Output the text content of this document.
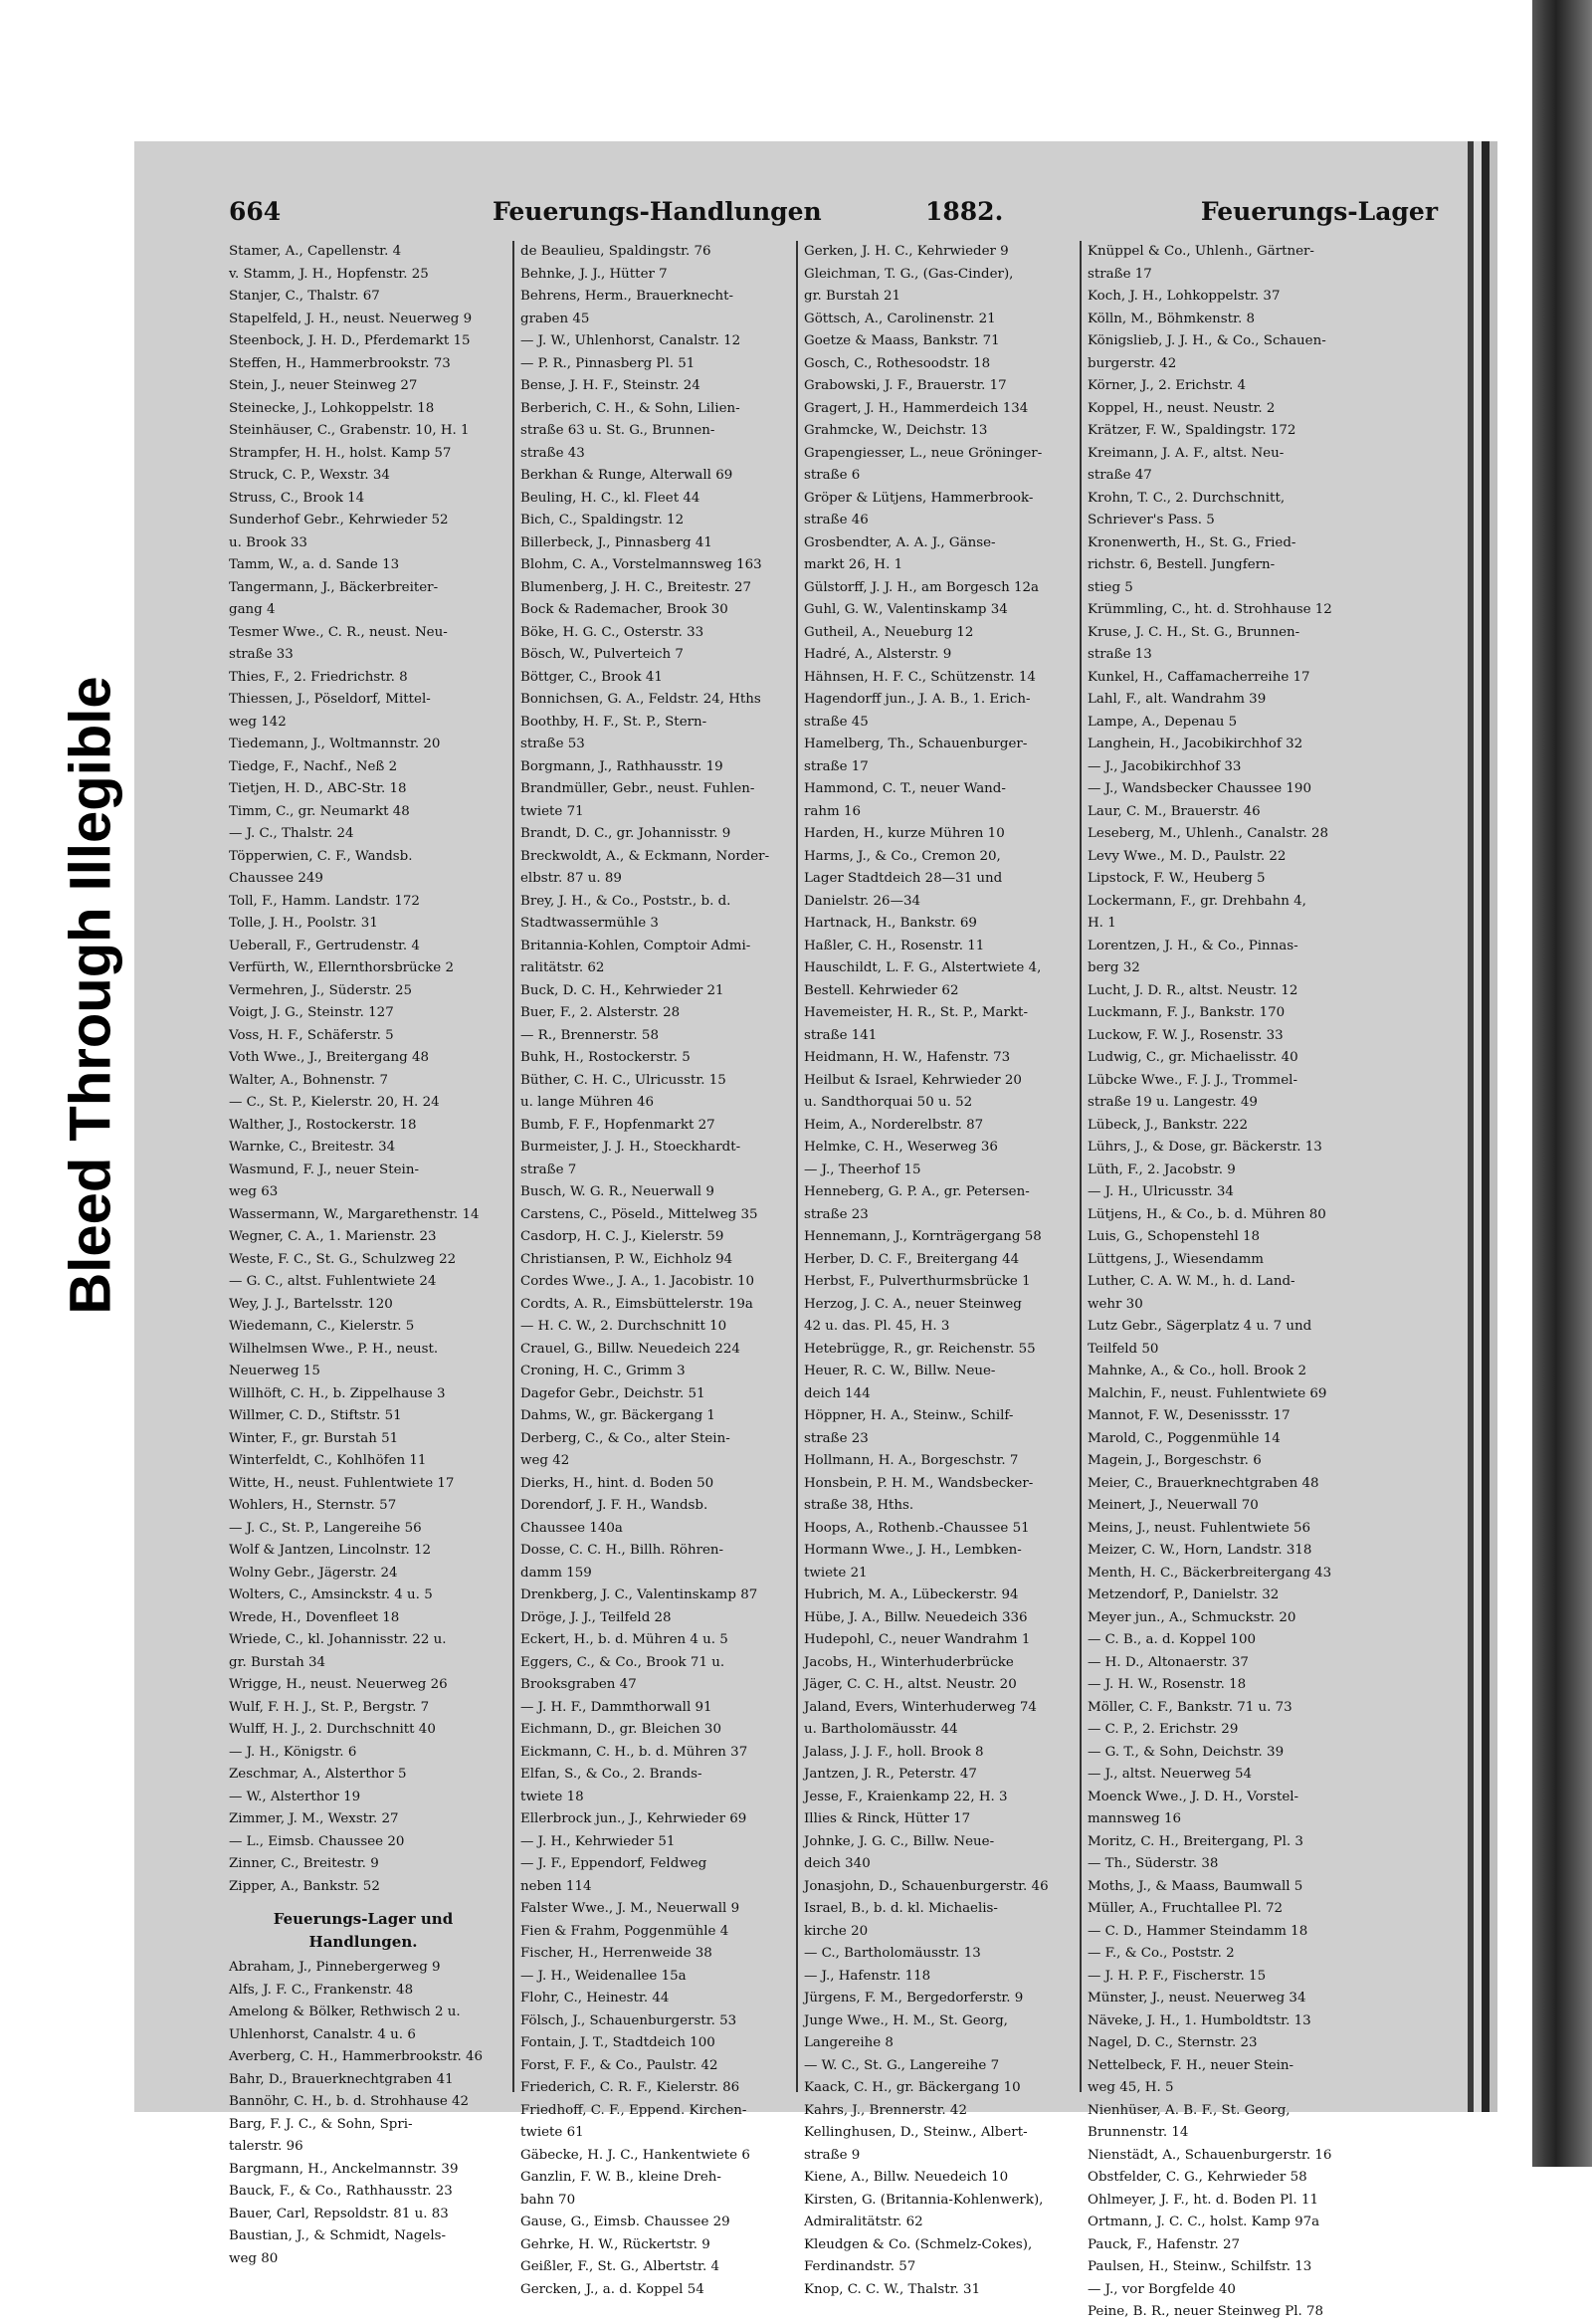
Bleed Through Illegible
664	Feuerungs-Handlungen	1882.	Feuerungs-Lager
Stamer, A., Capellenstr. 4
v. Stamm, J. H., Hopfenstr. 25
Stanjer, C., Thalstr. 67
Stapelfeld, J. H., neust. Neuerweg 9
Steenbock, J. H. D., Pferdemarkt 15
Steffen, H., Hammerbrookstr. 73
Stein, J., neuer Steinweg 27
Steinecke, J., Lohkoppelstr. 18
Steinhäuser, C., Grabenstr. 10, H. 1
Strampfer, H. H., holst. Kamp 57
Struck, C. P., Wexstr. 34
Struss, C., Brook 14
Sunderhof Gebr., Kehrwieder 52
u. Brook 33
Tamm, W., a. d. Sande 13
Tangermann, J., Bäckerbreiter-
gang 4
Tesmer Wwe., C. R., neust. Neu-
straße 33
Thies, F., 2. Friedrichstr. 8
Thiessen, J., Pöseldorf, Mittel-
weg 142
Tiedemann, J., Woltmannstr. 20
Tiedge, F., Nachf., Neß 2
Tietjen, H. D., ABC-Str. 18
Timm, C., gr. Neumarkt 48
— J. C., Thalstr. 24
Töpperwien, C. F., Wandsb.
Chaussee 249
Toll, F., Hamm. Landstr. 172
Tolle, J. H., Poolstr. 31
Ueberall, F., Gertrudenstr. 4
Verfürth, W., Ellernthorsbrücke 2
Vermehren, J., Süderstr. 25
Voigt, J. G., Steinstr. 127
Voss, H. F., Schäferstr. 5
Voth Wwe., J., Breitergang 48
Walter, A., Bohnenstr. 7
— C., St. P., Kielerstr. 20, H. 24
Walther, J., Rostockerstr. 18
Warnke, C., Breitestr. 34
Wasmund, F. J., neuer Stein-
weg 63
Wassermann, W., Margarethenstr. 14
Wegner, C. A., 1. Marienstr. 23
Weste, F. C., St. G., Schulzweg 22
— G. C., altst. Fuhlentwiete 24
Wey, J. J., Bartelsstr. 120
Wiedemann, C., Kielerstr. 5
Wilhelmsen Wwe., P. H., neust.
Neuerweg 15
Willhöft, C. H., b. Zippelhause 3
Willmer, C. D., Stiftstr. 51
Winter, F., gr. Burstah 51
Winterfeldt, C., Kohlhöfen 11
Witte, H., neust. Fuhlentwiete 17
Wohlers, H., Sternstr. 57
— J. C., St. P., Langereihe 56
Wolf & Jantzen, Lincolnstr. 12
Wolny Gebr., Jägerstr. 24
Wolters, C., Amsinckstr. 4 u. 5
Wrede, H., Dovenfleet 18
Wriede, C., kl. Johannisstr. 22 u.
gr. Burstah 34
Wrigge, H., neust. Neuerweg 26
Wulf, F. H. J., St. P., Bergstr. 7
Wulff, H. J., 2. Durchschnitt 40
— J. H., Königstr. 6
Zeschmar, A., Alsterthor 5
— W., Alsterthor 19
Zimmer, J. M., Wexstr. 27
— L., Eimsb. Chaussee 20
Zinner, C., Breitestr. 9
Zipper, A., Bankstr. 52
Feuerungs-Lager und Handlungen.
Abraham, J., Pinnebergerweg 9
Alfs, J. F. C., Frankenstr. 48
Amelong & Bölker, Rethwisch 2 u.
Uhlenhorst, Canalstr. 4 u. 6
Averberg, C. H., Hammerbrookstr. 46
Bahr, D., Brauerknechtgraben 41
Bannöhr, C. H., b. d. Strohhause 42
Barg, F. J. C., & Sohn, Spri-
talerstr. 96
Bargmann, H., Anckelmannstr. 39
Bauck, F., & Co., Rathhausstr. 23
Bauer, Carl, Repsoldstr. 81 u. 83
Baustian, J., & Schmidt, Nagels-
weg 80
de Beaulieu, Spaldingstr. 76
Behnke, J. J., Hütter 7
Behrens, Herm., Brauerknecht-
graben 45
— J. W., Uhlenhorst, Canalstr. 12
— P. R., Pinnasberg Pl. 51
Bense, J. H. F., Steinstr. 24
Berberich, C. H., & Sohn, Lilien-
straße 63 u. St. G., Brunnen-
straße 43
Berkhan & Runge, Alterwall 69
Beuling, H. C., kl. Fleet 44
Bich, C., Spaldingstr. 12
Billerbeck, J., Pinnasberg 41
Blohm, C. A., Vorstelmannsweg 163
Blumenberg, J. H. C., Breitestr. 27
Bock & Rademacher, Brook 30
Böke, H. G. C., Osterstr. 33
Bösch, W., Pulverteich 7
Böttger, C., Brook 41
Bonnichsen, G. A., Feldstr. 24, Hths
Boothby, H. F., St. P., Stern-
straße 53
Borgmann, J., Rathhausstr. 19
Brandmüller, Gebr., neust. Fuhlen-
twiete 71
Brandt, D. C., gr. Johannisstr. 9
Breckwoldt, A., & Eckmann, Norder-
elbstr. 87 u. 89
Brey, J. H., & Co., Poststr., b. d.
Stadtwassermühle 3
Britannia-Kohlen, Comptoir Admi-
ralitätstr. 62
Buck, D. C. H., Kehrwieder 21
Buer, F., 2. Alsterstr. 28
— R., Brennerstr. 58
Buhk, H., Rostockerstr. 5
Büther, C. H. C., Ulricusstr. 15
u. lange Mühren 46
Bumb, F. F., Hopfenmarkt 27
Burmeister, J. J. H., Stoeckhardt-
straße 7
Busch, W. G. R., Neuerwall 9
Carstens, C., Pöseld., Mittelweg 35
Casdorp, H. C. J., Kielerstr. 59
Christiansen, P. W., Eichholz 94
Cordes Wwe., J. A., 1. Jacobistr. 10
Cordts, A. R., Eimsbüttelerstr. 19a
— H. C. W., 2. Durchschnitt 10
Crauel, G., Billw. Neuedeich 224
Croning, H. C., Grimm 3
Dagefor Gebr., Deichstr. 51
Dahms, W., gr. Bäckergang 1
Derberg, C., & Co., alter Stein-
weg 42
Dierks, H., hint. d. Boden 50
Dorendorf, J. F. H., Wandsb.
Chaussee 140a
Dosse, C. C. H., Billh. Röhren-
damm 159
Drenkberg, J. C., Valentinskamp 87
Dröge, J. J., Teilfeld 28
Eckert, H., b. d. Mühren 4 u. 5
Eggers, C., & Co., Brook 71 u.
Brooksgraben 47
— J. H. F., Dammthorwall 91
Eichmann, D., gr. Bleichen 30
Eickmann, C. H., b. d. Mühren 37
Elfan, S., & Co., 2. Brands-
twiete 18
Ellerbrock jun., J., Kehrwieder 69
— J. H., Kehrwieder 51
— J. F., Eppendorf, Feldweg
neben 114
Falster Wwe., J. M., Neuerwall 9
Fien & Frahm, Poggenmühle 4
Fischer, H., Herrenweide 38
— J. H., Weidenallee 15a
Flohr, C., Heinestr. 44
Fölsch, J., Schauenburgerstr. 53
Fontain, J. T., Stadtdeich 100
Forst, F. F., & Co., Paulstr. 42
Friederich, C. R. F., Kielerstr. 86
Friedhoff, C. F., Eppend. Kirchen-
twiete 61
Gäbecke, H. J. C., Hankentwiete 6
Ganzlin, F. W. B., kleine Dreh-
bahn 70
Gause, G., Eimsb. Chaussee 29
Gehrke, H. W., Rückertstr. 9
Geißler, F., St. G., Albertstr. 4
Gercken, J., a. d. Koppel 54
Gerken, J. H. C., Kehrwieder 9
Gleichman, T. G., (Gas-Cinder),
gr. Burstah 21
Göttsch, A., Carolinenstr. 21
Goetze & Maass, Bankstr. 71
Gosch, C., Rothesoodstr. 18
Grabowski, J. F., Brauerstr. 17
Gragert, J. H., Hammerdeich 134
Grahmcke, W., Deichstr. 13
Grapengiesser, L., neue Gröninger-
straße 6
Gröper & Lütjens, Hammerbrook-
straße 46
Grosbendter, A. A. J., Gänse-
markt 26, H. 1
Gülstorff, J. J. H., am Borgesch 12a
Guhl, G. W., Valentinskamp 34
Gutheil, A., Neueburg 12
Hadré, A., Alsterstr. 9
Hähnsen, H. F. C., Schützenstr. 14
Hagendorff jun., J. A. B., 1. Erich-
straße 45
Hamelberg, Th., Schauenburger-
straße 17
Hammond, C. T., neuer Wand-
rahm 16
Harden, H., kurze Mühren 10
Harms, J., & Co., Cremon 20,
Lager Stadtdeich 28—31 und
Danielstr. 26—34
Hartnack, H., Bankstr. 69
Haßler, C. H., Rosenstr. 11
Hauschildt, L. F. G., Alstertwiete 4,
Bestell. Kehrwieder 62
Havemeister, H. R., St. P., Markt-
straße 141
Heidmann, H. W., Hafenstr. 73
Heilbut & Israel, Kehrwieder 20
u. Sandthorquai 50 u. 52
Heim, A., Norderelbstr. 87
Helmke, C. H., Weserweg 36
— J., Theerhof 15
Henneberg, G. P. A., gr. Petersen-
straße 23
Hennemann, J., Kornträgergang 58
Herber, D. C. F., Breitergang 44
Herbst, F., Pulverthurmsbrücke 1
Herzog, J. C. A., neuer Steinweg
42 u. das. Pl. 45, H. 3
Hetebrügge, R., gr. Reichenstr. 55
Heuer, R. C. W., Billw. Neue-
deich 144
Höppner, H. A., Steinw., Schilf-
straße 23
Hollmann, H. A., Borgeschstr. 7
Honsbein, P. H. M., Wandsbecker-
straße 38, Hths.
Hoops, A., Rothenb.-Chaussee 51
Hormann Wwe., J. H., Lembken-
twiete 21
Hubrich, M. A., Lübeckerstr. 94
Hübe, J. A., Billw. Neuedeich 336
Hudepohl, C., neuer Wandrahm 1
Jacobs, H., Winterhuderbrücke
Jäger, C. C. H., altst. Neustr. 20
Jaland, Evers, Winterhuderweg 74
u. Bartholomäusstr. 44
Jalass, J. J. F., holl. Brook 8
Jantzen, J. R., Peterstr. 47
Jesse, F., Kraienkamp 22, H. 3
Illies & Rinck, Hütter 17
Johnke, J. G. C., Billw. Neue-
deich 340
Jonasjohn, D., Schauenburgerstr. 46
Israel, B., b. d. kl. Michaelis-
kirche 20
— C., Bartholomäusstr. 13
— J., Hafenstr. 118
Jürgens, F. M., Bergedorferstr. 9
Junge Wwe., H. M., St. Georg,
Langereihe 8
— W. C., St. G., Langereihe 7
Kaack, C. H., gr. Bäckergang 10
Kahrs, J., Brennerstr. 42
Kellinghusen, D., Steinw., Albert-
straße 9
Kiene, A., Billw. Neuedeich 10
Kirsten, G. (Britannia-Kohlenwerk),
Admiralitätstr. 62
Kleudgen & Co. (Schmelz-Cokes),
Ferdinandstr. 57
Knop, C. C. W., Thalstr. 31
Knüppel & Co., Uhlenh., Gärtner-
straße 17
Koch, J. H., Lohkoppelstr. 37
Kölln, M., Böhmkenstr. 8
Königslieb, J. J. H., & Co., Schauen-
burgerstr. 42
Körner, J., 2. Erichstr. 4
Koppel, H., neust. Neustr. 2
Krätzer, F. W., Spaldingstr. 172
Kreimann, J. A. F., altst. Neu-
straße 47
Krohn, T. C., 2. Durchschnitt,
Schriever's Pass. 5
Kronenwerth, H., St. G., Fried-
richstr. 6, Bestell. Jungfern-
stieg 5
Krümmling, C., ht. d. Strohhause 12
Kruse, J. C. H., St. G., Brunnen-
straße 13
Kunkel, H., Caffamacherreihe 17
Lahl, F., alt. Wandrahm 39
Lampe, A., Depenau 5
Langhein, H., Jacobikirchhof 32
— J., Jacobikirchhof 33
— J., Wandsbecker Chaussee 190
Laur, C. M., Brauerstr. 46
Leseberg, M., Uhlenh., Canalstr. 28
Levy Wwe., M. D., Paulstr. 22
Lipstock, F. W., Heuberg 5
Lockermann, F., gr. Drehbahn 4,
H. 1
Lorentzen, J. H., & Co., Pinnas-
berg 32
Lucht, J. D. R., altst. Neustr. 12
Luckmann, F. J., Bankstr. 170
Luckow, F. W. J., Rosenstr. 33
Ludwig, C., gr. Michaelisstr. 40
Lübcke Wwe., F. J. J., Trommel-
straße 19 u. Langestr. 49
Lübeck, J., Bankstr. 222
Lührs, J., & Dose, gr. Bäckerstr. 13
Lüth, F., 2. Jacobstr. 9
— J. H., Ulricusstr. 34
Lütjens, H., & Co., b. d. Mühren 80
Luis, G., Schopenstehl 18
Lüttgens, J., Wiesendamm
Luther, C. A. W. M., h. d. Land-
wehr 30
Lutz Gebr., Sägerplatz 4 u. 7 und
Teilfeld 50
Mahnke, A., & Co., holl. Brook 2
Malchin, F., neust. Fuhlentwiete 69
Mannot, F. W., Desenissstr. 17
Marold, C., Poggenmühle 14
Magein, J., Borgeschstr. 6
Meier, C., Brauerknechtgraben 48
Meinert, J., Neuerwall 70
Meins, J., neust. Fuhlentwiete 56
Meizer, C. W., Horn, Landstr. 318
Menth, H. C., Bäckerbreitergang 43
Metzendorf, P., Danielstr. 32
Meyer jun., A., Schmuckstr. 20
— C. B., a. d. Koppel 100
— H. D., Altonaerstr. 37
— J. H. W., Rosenstr. 18
Möller, C. F., Bankstr. 71 u. 73
— C. P., 2. Erichstr. 29
— G. T., & Sohn, Deichstr. 39
— J., altst. Neuerweg 54
Moenck Wwe., J. D. H., Vorstel-
mannsweg 16
Moritz, C. H., Breitergang, Pl. 3
— Th., Süderstr. 38
Moths, J., & Maass, Baumwall 5
Müller, A., Fruchtallee Pl. 72
— C. D., Hammer Steindamm 18
— F., & Co., Poststr. 2
— J. H. P. F., Fischerstr. 15
Münster, J., neust. Neuerweg 34
Näveke, J. H., 1. Humboldtstr. 13
Nagel, D. C., Sternstr. 23
Nettelbeck, F. H., neuer Stein-
weg 45, H. 5
Nienhüser, A. B. F., St. Georg,
Brunnenstr. 14
Nienstädt, A., Schauenburgerstr. 16
Obstfelder, C. G., Kehrwieder 58
Ohlmeyer, J. F., ht. d. Boden Pl. 11
Ortmann, J. C. C., holst. Kamp 97a
Pauck, F., Hafenstr. 27
Paulsen, H., Steinw., Schilfstr. 13
— J., vor Borgfelde 40
Peine, B. R., neuer Steinweg Pl. 78
